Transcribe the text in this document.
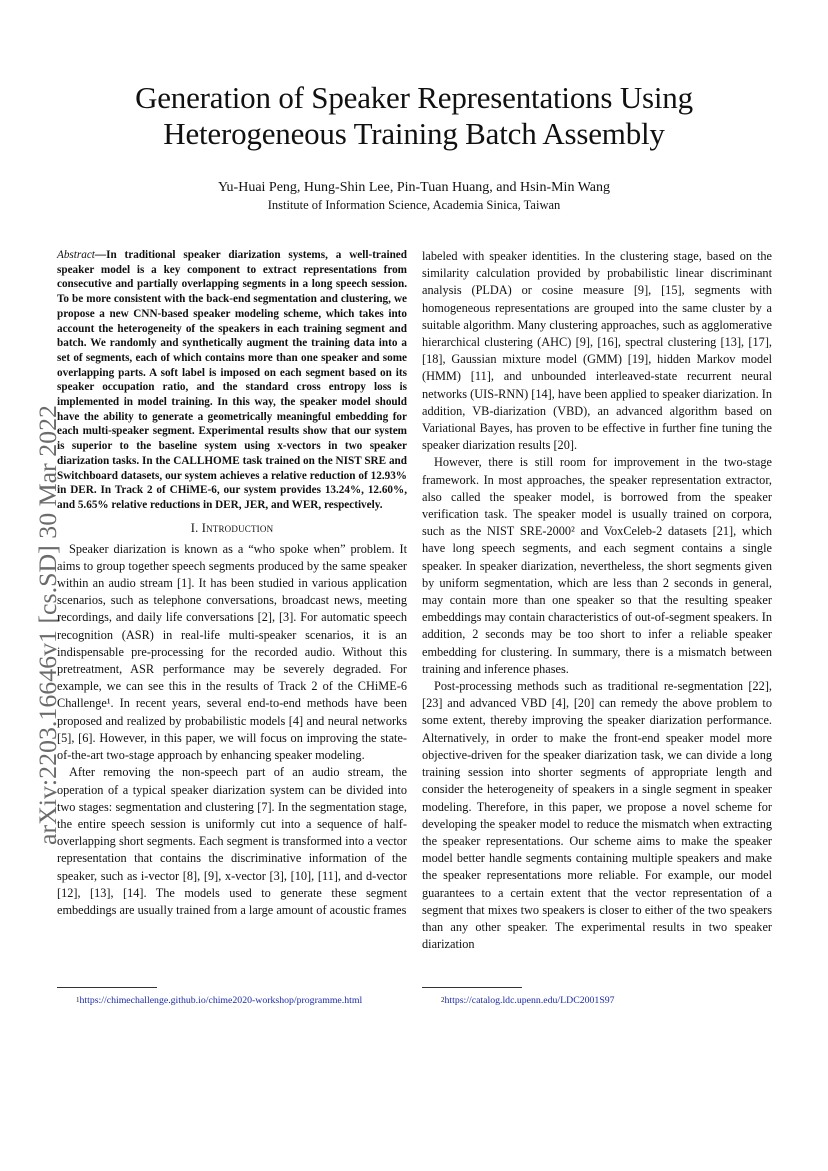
arXiv:2203.16646v1 [cs.SD] 30 Mar 2022
Generation of Speaker Representations Using
Heterogeneous Training Batch Assembly
Yu-Huai Peng, Hung-Shin Lee, Pin-Tuan Huang, and Hsin-Min Wang
Institute of Information Science, Academia Sinica, Taiwan

Abstract—In traditional speaker diarization systems, a well-trained speaker model is a key component to extract representations from consecutive and partially overlapping segments in a long speech session. To be more consistent with the back-end segmentation and clustering, we propose a new CNN-based speaker modeling scheme, which takes into account the heterogeneity of the speakers in each training segment and batch. We randomly and synthetically augment the training data into a set of segments, each of which contains more than one speaker and some overlapping parts. A soft label is imposed on each segment based on its speaker occupation ratio, and the standard cross entropy loss is implemented in model training. In this way, the speaker model should have the ability to generate a geometrically meaningful embedding for each multi-speaker segment. Experimental results show that our system is superior to the baseline system using x-vectors in two speaker diarization tasks. In the CALLHOME task trained on the NIST SRE and Switchboard datasets, our system achieves a relative reduction of 12.93% in DER. In Track 2 of CHiME-6, our system provides 13.24%, 12.60%, and 5.65% relative reductions in DER, JER, and WER, respectively.

I. Introduction

Speaker diarization is known as a “who spoke when” problem. It aims to group together speech segments produced by the same speaker within an audio stream [1]. It has been studied in various application scenarios, such as telephone conversations, broadcast news, meeting recordings, and daily life conversations [2], [3]. For automatic speech recognition (ASR) in real-life multi-speaker scenarios, it is an indispensable pre-processing for the recorded audio. Without this pretreatment, ASR performance may be severely degraded. For example, we can see this in the results of Track 2 of the CHiME-6 Challenge¹. In recent years, several end-to-end methods have been proposed and realized by probabilistic models [4] and neural networks [5], [6]. However, in this paper, we will focus on improving the state-of-the-art two-stage approach by enhancing speaker modeling.

After removing the non-speech part of an audio stream, the operation of a typical speaker diarization system can be divided into two stages: segmentation and clustering [7]. In the segmentation stage, the entire speech session is uniformly cut into a sequence of half-overlapping short segments. Each segment is transformed into a vector representation that contains the discriminative information of the speaker, such as i-vector [8], [9], x-vector [3], [10], [11], and d-vector [12], [13], [14]. The models used to generate these segment embeddings are usually trained from a large amount of acoustic frames

labeled with speaker identities. In the clustering stage, based on the similarity calculation provided by probabilistic linear discriminant analysis (PLDA) or cosine measure [9], [15], segments with homogeneous representations are grouped into the same cluster by a suitable algorithm. Many clustering approaches, such as agglomerative hierarchical clustering (AHC) [9], [16], spectral clustering [13], [17], [18], Gaussian mixture model (GMM) [19], hidden Markov model (HMM) [11], and unbounded interleaved-state recurrent neural networks (UIS-RNN) [14], have been applied to speaker diarization. In addition, VB-diarization (VBD), an advanced algorithm based on Variational Bayes, has proven to be effective in further fine tuning the speaker diarization results [20].

However, there is still room for improvement in the two-stage framework. In most approaches, the speaker representation extractor, also called the speaker model, is borrowed from the speaker verification task. The speaker model is usually trained on corpora, such as the NIST SRE-2000² and VoxCeleb-2 datasets [21], which have long speech segments, and each segment contains a single speaker. In speaker diarization, nevertheless, the short segments given by uniform segmentation, which are less than 2 seconds in general, may contain more than one speaker so that the resulting speaker embeddings may contain characteristics of out-of-segment speakers. In addition, 2 seconds may be too short to infer a reliable speaker embedding for clustering. In summary, there is a mismatch between training and inference phases.

Post-processing methods such as traditional re-segmentation [22], [23] and advanced VBD [4], [20] can remedy the above problem to some extent, thereby improving the speaker diarization performance. Alternatively, in order to make the front-end speaker model more objective-driven for the speaker diarization task, we can divide a long training session into shorter segments of appropriate length and consider the heterogeneity of speakers in a single segment in speaker modeling. Therefore, in this paper, we propose a novel scheme for developing the speaker model to reduce the mismatch when extracting the speaker representations. Our scheme aims to make the speaker model better handle segments containing multiple speakers and make the speaker representations more reliable. For example, our model guarantees to a certain extent that the vector representation of a segment that mixes two speakers is closer to either of the two speakers than any other speaker. The experimental results in two speaker diarization

$^1$https://chimechallenge.github.io/chime2020-workshop/programme.html	$^2$https://catalog.ldc.upenn.edu/LDC2001S97
